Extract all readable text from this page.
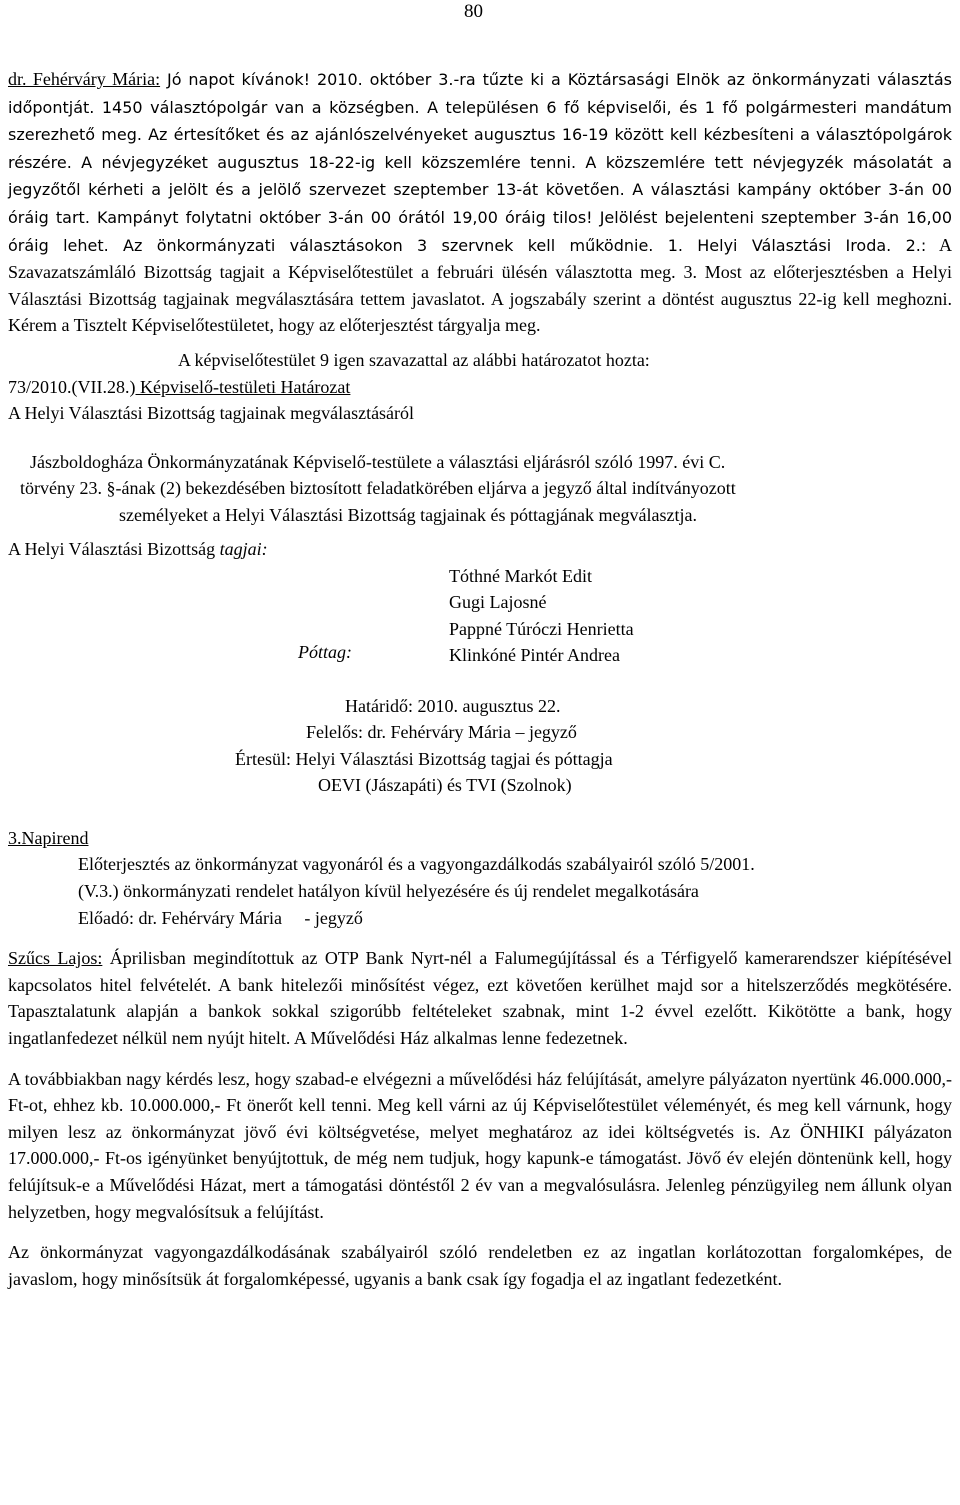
80

dr. Fehérváry Mária: Jó napot kívánok! 2010. október 3.-ra tűzte ki a Köztársasági Elnök az önkormányzati választás időpontját. 1450 választópolgár van a községben. A településen 6 fő képviselői, és 1 fő polgármesteri mandátum szerezhető meg. Az értesítőket és az ajánlószelvényeket augusztus 16-19 között kell kézbesíteni a választópolgárok részére. A névjegyzéket augusztus 18-22-ig kell közszemlére tenni. A közszemlére tett névjegyzék másolatát a jegyzőtől kérheti a jelölt és a jelölő szervezet szeptember 13-át követően. A választási kampány október 3-án 00 óráig tart. Kampányt folytatni október 3-án 00 órától 19,00 óráig tilos! Jelölést bejelenteni szeptember 3-án 16,00 óráig lehet. Az önkormányzati választásokon 3 szervnek kell működnie. 1. Helyi Választási Iroda. 2.: A Szavazatszámláló Bizottság tagjait a Képviselőtestület a februári ülésén választotta meg. 3. Most az előterjesztésben a Helyi Választási Bizottság tagjainak megválasztására tettem javaslatot. A jogszabály szerint a döntést augusztus 22-ig kell meghozni. Kérem a Tisztelt Képviselőtestületet, hogy az előterjesztést tárgyalja meg.

A képviselőtestület 9 igen szavazattal az alábbi határozatot hozta:

73/2010.(VII.28.) Képviselő-testületi Határozat

A Helyi Választási Bizottság tagjainak megválasztásáról

Jászboldogháza Önkormányzatának Képviselő-testülete a választási eljárásról szóló 1997. évi C.

törvény 23. §-ának (2) bekezdésében biztosított feladatkörében eljárva a jegyző által indítványozott

személyeket a Helyi Választási Bizottság tagjainak és póttagjának megválasztja.

A Helyi Választási Bizottság tagjai:
Tóthné Markót Edit
Gugi Lajosné
Pappné Túróczi Henrietta
Klinkóné Pintér Andrea
Póttag:

Határidő: 2010. augusztus 22.

Felelős: dr. Fehérváry Mária – jegyző

Értesül: Helyi Választási Bizottság tagjai és póttagja

OEVI (Jászapáti) és TVI (Szolnok)

3.Napirend

Előterjesztés az önkormányzat vagyonáról és a vagyongazdálkodás szabályairól szóló 5/2001.

(V.3.) önkormányzati rendelet hatályon kívül helyezésére és új rendelet megalkotására

Előadó: dr. Fehérváry Mária     - jegyző

Szűcs Lajos: Áprilisban megindítottuk az OTP Bank Nyrt-nél a Falumegújítással és a Térfigyelő kamerarendszer kiépítésével kapcsolatos hitel felvételét. A bank hitelezői minősítést végez, ezt követően kerülhet majd sor a hitelszerződés megkötésére. Tapasztalatunk alapján a bankok sokkal szigorúbb feltételeket szabnak, mint 1-2 évvel ezelőtt. Kikötötte a bank, hogy ingatlanfedezet nélkül nem nyújt hitelt. A Művelődési Ház alkalmas lenne fedezetnek.

A továbbiakban nagy kérdés lesz, hogy szabad-e elvégezni a művelődési ház felújítását, amelyre pályázaton nyertünk 46.000.000,- Ft-ot, ehhez kb. 10.000.000,- Ft önerőt kell tenni. Meg kell várni az új Képviselőtestület véleményét, és meg kell várnunk, hogy milyen lesz az önkormányzat jövő évi költségvetése, melyet meghatároz az idei költségvetés is. Az ÖNHIKI pályázaton 17.000.000,- Ft-os igényünket benyújtottuk, de még nem tudjuk, hogy kapunk-e támogatást. Jövő év elején döntenünk kell, hogy felújítsuk-e a Művelődési Házat, mert a támogatási döntéstől 2 év van a megvalósulásra. Jelenleg pénzügyileg nem állunk olyan helyzetben, hogy megvalósítsuk a felújítást.

Az önkormányzat vagyongazdálkodásának szabályairól szóló rendeletben ez az ingatlan korlátozottan forgalomképes, de javaslom, hogy minősítsük át forgalomképessé, ugyanis a bank csak így fogadja el az ingatlant fedezetként.
